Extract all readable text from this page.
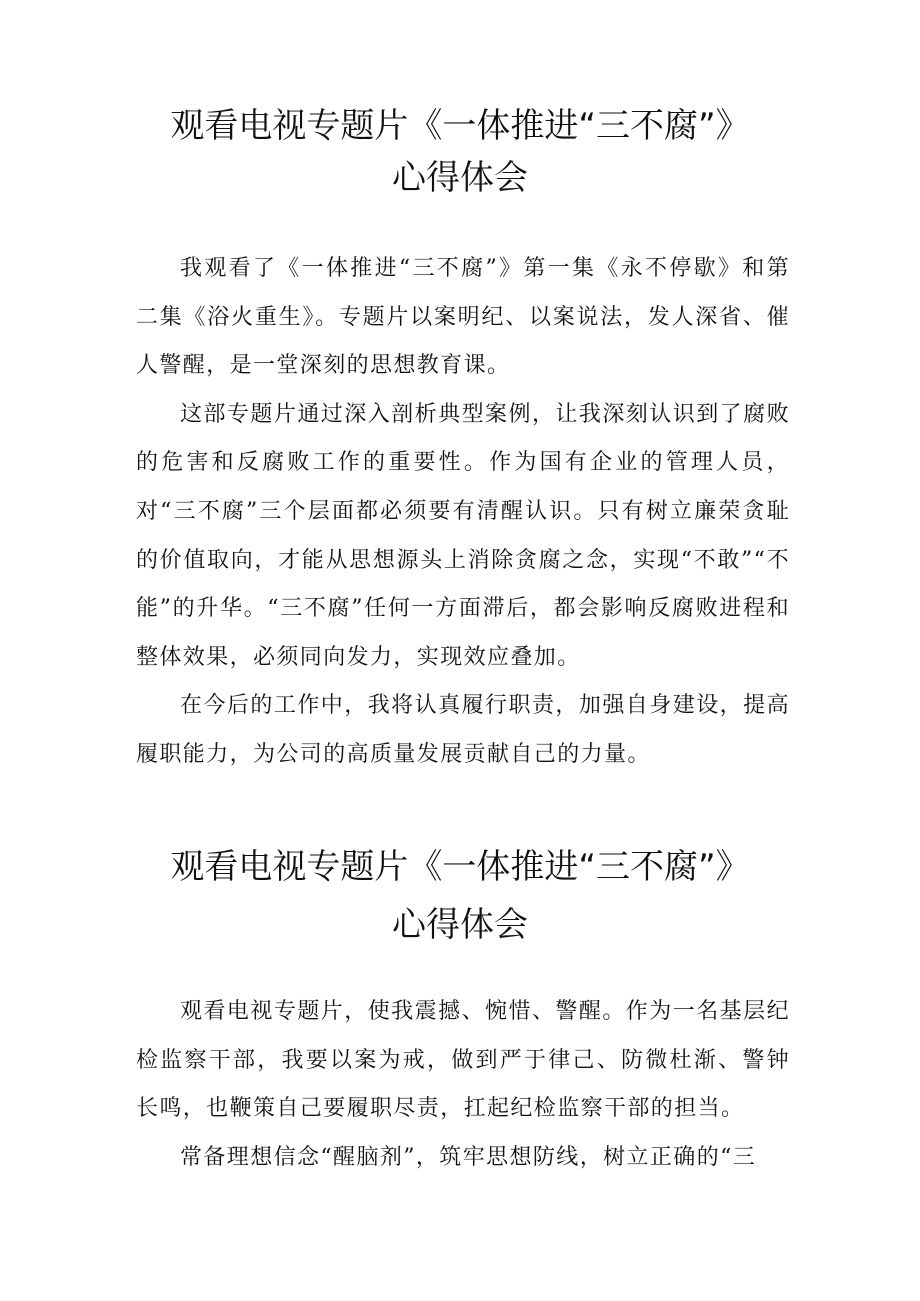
观看电视专题片《一体推进“三不腐”》
心得体会

我观看了《一体推进“三不腐”》第一集《永不停歇》和第二集《浴火重生》。专题片以案明纪、以案说法，发人深省、催人警醒，是一堂深刻的思想教育课。

这部专题片通过深入剖析典型案例，让我深刻认识到了腐败的危害和反腐败工作的重要性。作为国有企业的管理人员，对“三不腐”三个层面都必须要有清醒认识。只有树立廉荣贪耻的价值取向，才能从思想源头上消除贪腐之念，实现“不敢”“不能”的升华。“三不腐”任何一方面滞后，都会影响反腐败进程和整体效果，必须同向发力，实现效应叠加。

在今后的工作中，我将认真履行职责，加强自身建设，提高履职能力，为公司的高质量发展贡献自己的力量。

观看电视专题片《一体推进“三不腐”》
心得体会

观看电视专题片，使我震撼、惋惜、警醒。作为一名基层纪检监察干部，我要以案为戒，做到严于律己、防微杜渐、警钟长鸣，也鞭策自己要履职尽责，扛起纪检监察干部的担当。

常备理想信念“醒脑剂”，筑牢思想防线，树立正确的“三
